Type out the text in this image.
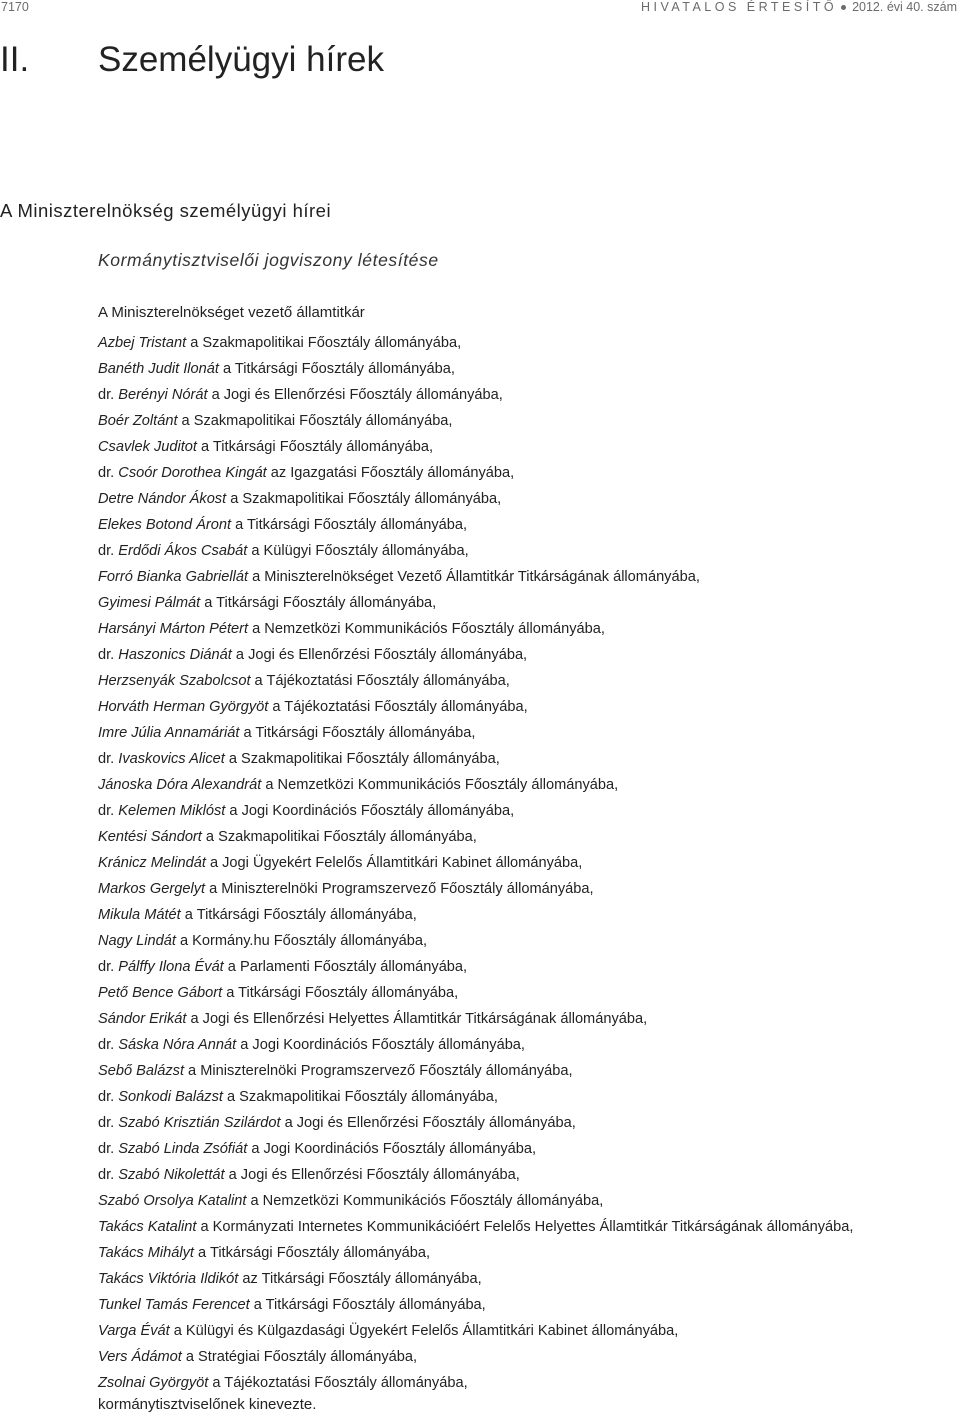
7170	HIVATALOS ÉRTESÍTŐ 2012. évi 40. szám
II. Személyügyi hírek
A Miniszterelnökség személyügyi hírei
Kormánytisztviselői jogviszony létesítése
A Miniszterelnökséget vezető államtitkár
Azbej Tristant a Szakmapolitikai Főosztály állományába,
Banéth Judit Ilonát a Titkársági Főosztály állományába,
dr. Berényi Nórát a Jogi és Ellenőrzési Főosztály állományába,
Boér Zoltánt a Szakmapolitikai Főosztály állományába,
Csavlek Juditot a Titkársági Főosztály állományába,
dr. Csoór Dorothea Kingát az Igazgatási Főosztály állományába,
Detre Nándor Ákost a Szakmapolitikai Főosztály állományába,
Elekes Botond Áront a Titkársági Főosztály állományába,
dr. Erdődi Ákos Csabát a Külügyi Főosztály állományába,
Forró Bianka Gabriellát a Miniszterelnökséget Vezető Államtitkár Titkárságának állományába,
Gyimesi Pálmát a Titkársági Főosztály állományába,
Harsányi Márton Pétert a Nemzetközi Kommunikációs Főosztály állományába,
dr. Haszonics Diánát a Jogi és Ellenőrzési Főosztály állományába,
Herzsenyák Szabolcsot a Tájékoztatási Főosztály állományába,
Horváth Herman Györgyöt a Tájékoztatási Főosztály állományába,
Imre Júlia Annamáriát a Titkársági Főosztály állományába,
dr. Ivaskovics Alicet a Szakmapolitikai Főosztály állományába,
Jánoska Dóra Alexandrát a Nemzetközi Kommunikációs Főosztály állományába,
dr. Kelemen Miklóst a Jogi Koordinációs Főosztály állományába,
Kentési Sándort a Szakmapolitikai Főosztály állományába,
Kránicz Melindát a Jogi Ügyekért Felelős Államtitkári Kabinet állományába,
Markos Gergelyt a Miniszterelnöki Programszervező Főosztály állományába,
Mikula Mátét a Titkársági Főosztály állományába,
Nagy Lindát a Kormány.hu Főosztály állományába,
dr. Pálffy Ilona Évát a Parlamenti Főosztály állományába,
Pető Bence Gábort a Titkársági Főosztály állományába,
Sándor Erikát a Jogi és Ellenőrzési Helyettes Államtitkár Titkárságának állományába,
dr. Sáska Nóra Annát a Jogi Koordinációs Főosztály állományába,
Sebő Balázst a Miniszterelnöki Programszervező Főosztály állományába,
dr. Sonkodi Balázst a Szakmapolitikai Főosztály állományába,
dr. Szabó Krisztián Szilárdot a Jogi és Ellenőrzési Főosztály állományába,
dr. Szabó Linda Zsófiát a Jogi Koordinációs Főosztály állományába,
dr. Szabó Nikolettát a Jogi és Ellenőrzési Főosztály állományába,
Szabó Orsolya Katalint a Nemzetközi Kommunikációs Főosztály állományába,
Takács Katalint a Kormányzati Internetes Kommunikációért Felelős Helyettes Államtitkár Titkárságának állományába,
Takács Mihályt a Titkársági Főosztály állományába,
Takács Viktória Ildikót az Titkársági Főosztály állományába,
Tunkel Tamás Ferencet a Titkársági Főosztály állományába,
Varga Évát a Külügyi és Külgazdasági Ügyekért Felelős Államtitkári Kabinet állományába,
Vers Ádámot a Stratégiai Főosztály állományába,
Zsolnai Györgyöt a Tájékoztatási Főosztály állományába,
kormánytisztviselőnek kinevezte.
